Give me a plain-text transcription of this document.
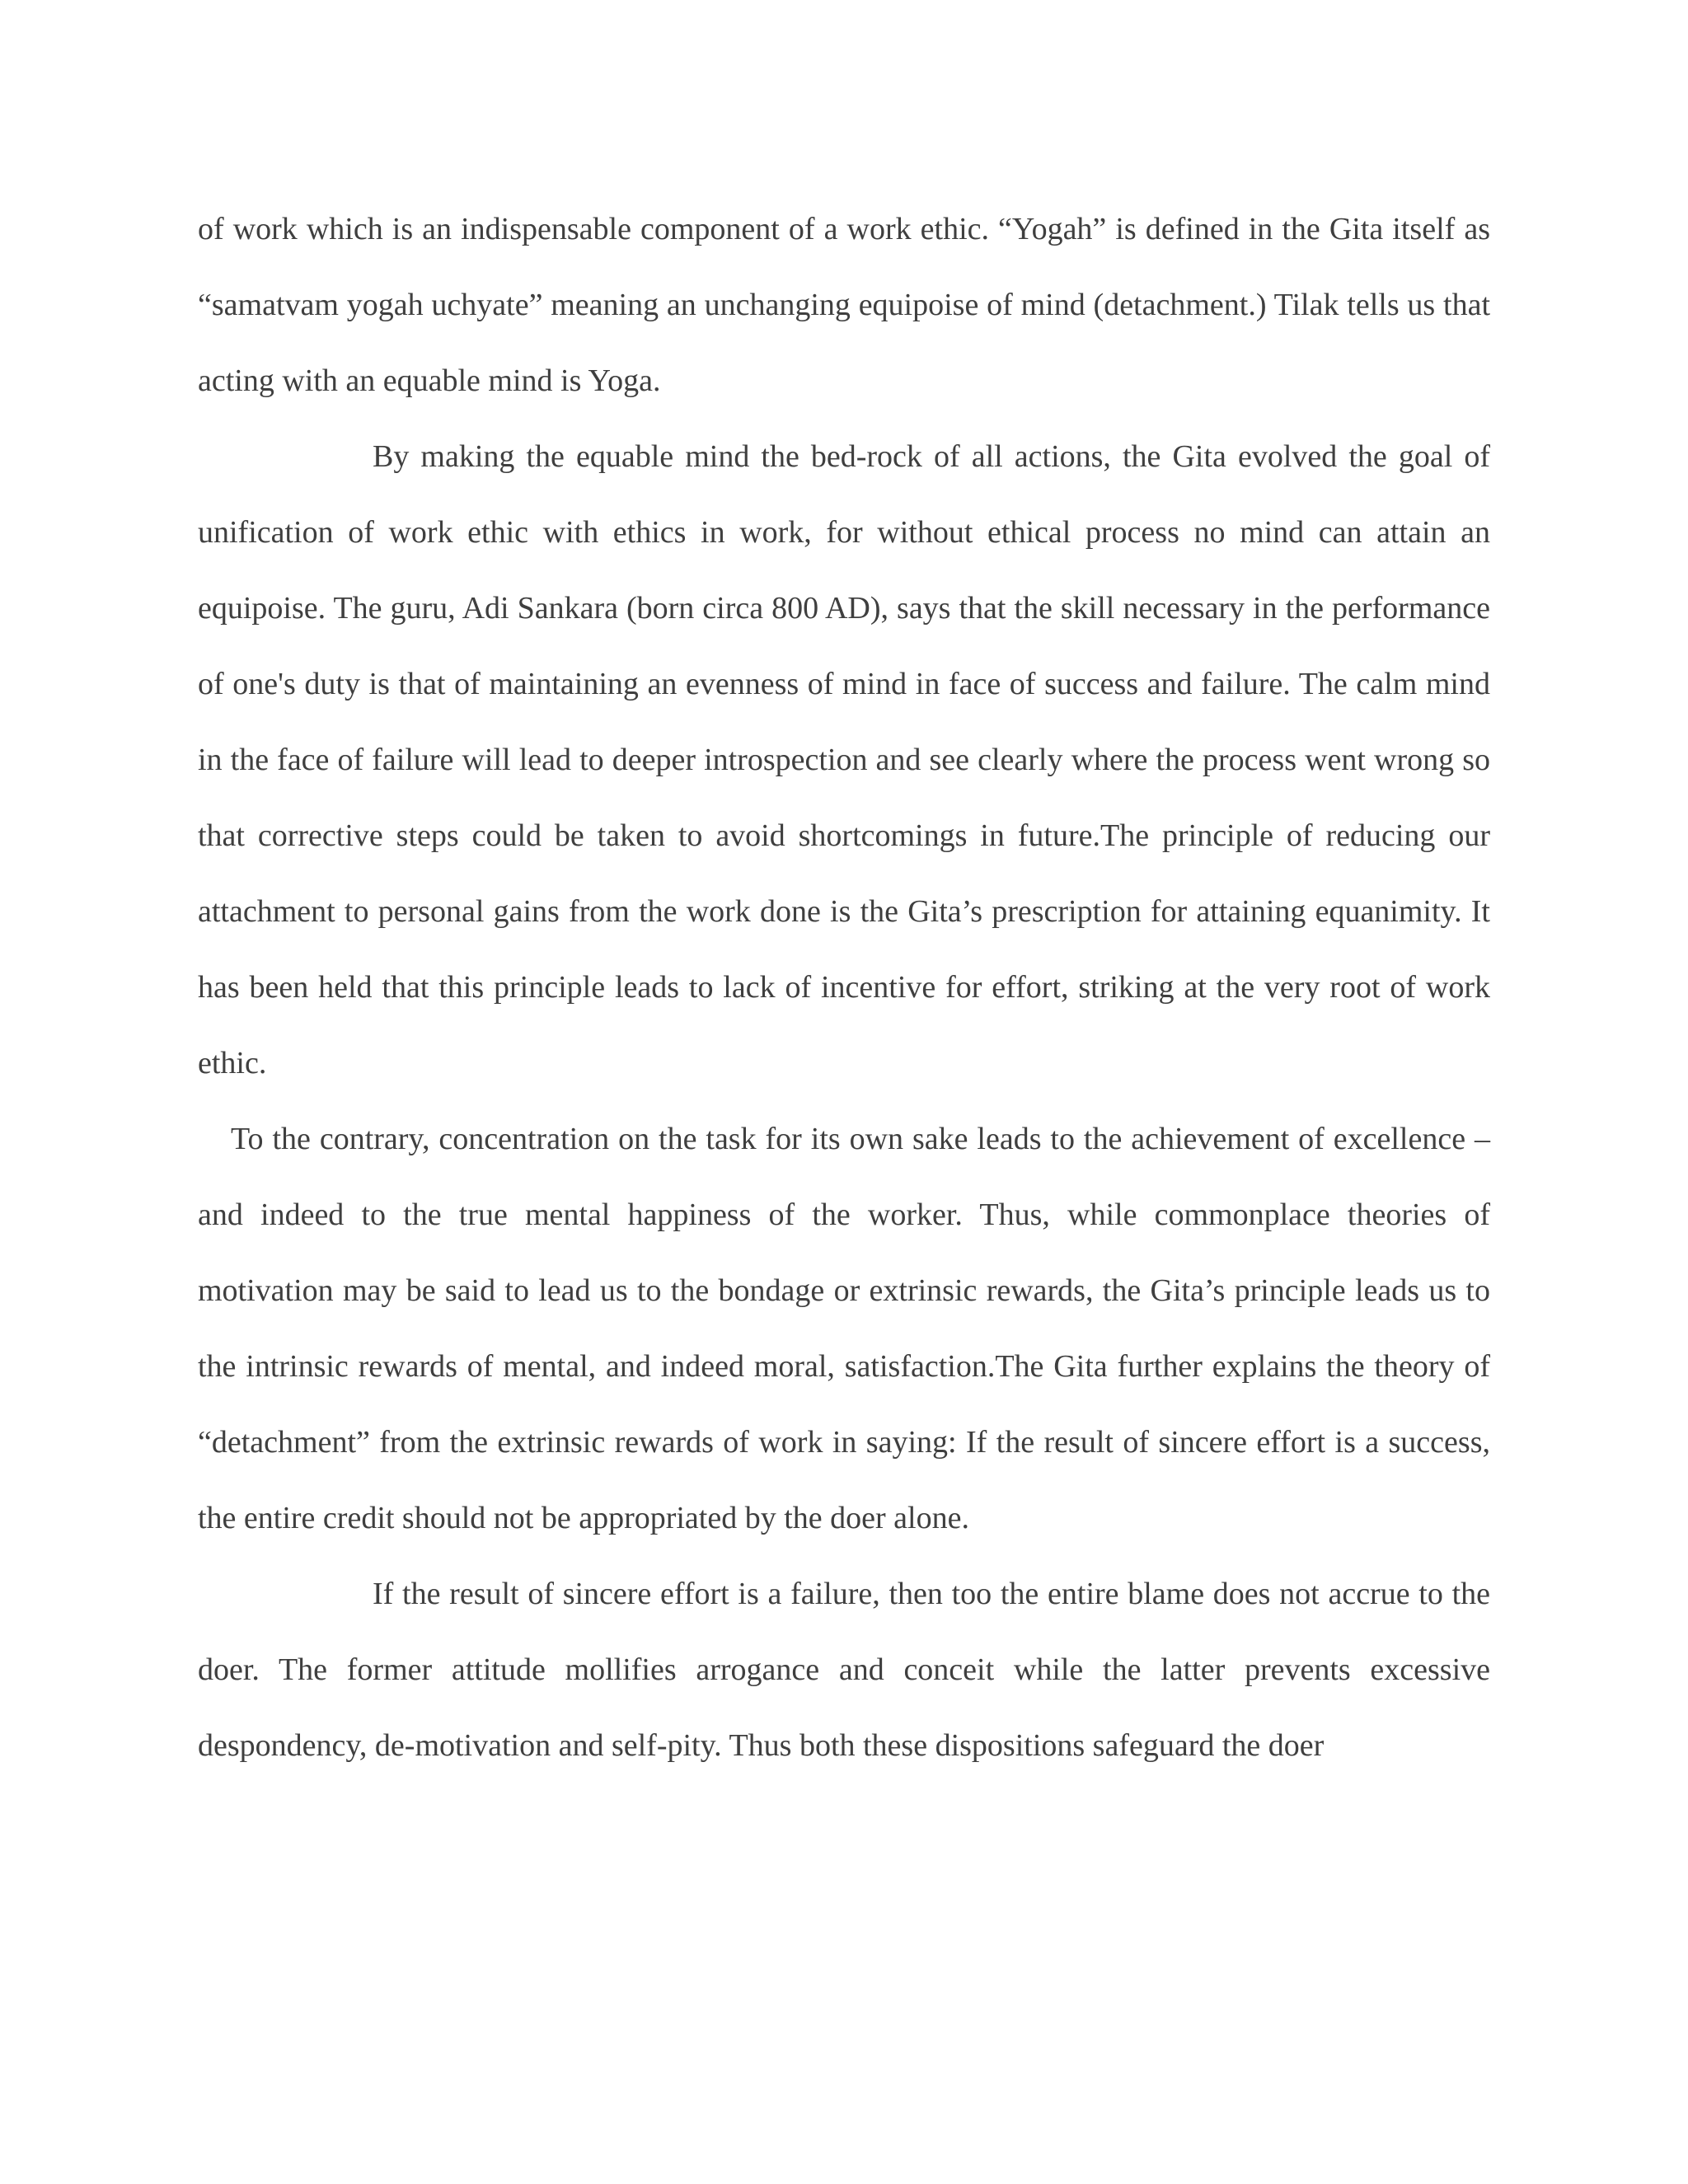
of work which is an indispensable component of a work ethic. “Yogah” is defined in the Gita itself as “samatvam yogah uchyate” meaning an unchanging equipoise of mind (detachment.) Tilak tells us that acting with an equable mind is Yoga.

By making the equable mind the bed-rock of all actions, the Gita evolved the goal of unification of work ethic with ethics in work, for without ethical process no mind can attain an equipoise. The guru, Adi Sankara (born circa 800 AD), says that the skill necessary in the performance of one's duty is that of maintaining an evenness of mind in face of success and failure. The calm mind in the face of failure will lead to deeper introspection and see clearly where the process went wrong so that corrective steps could be taken to avoid shortcomings in future.The principle of reducing our attachment to personal gains from the work done is the Gita’s prescription for attaining equanimity. It has been held that this principle leads to lack of incentive for effort, striking at the very root of work ethic.

To the contrary, concentration on the task for its own sake leads to the achievement of excellence – and indeed to the true mental happiness of the worker. Thus, while commonplace theories of motivation may be said to lead us to the bondage or extrinsic rewards, the Gita’s principle leads us to the intrinsic rewards of mental, and indeed moral, satisfaction.The Gita further explains the theory of “detachment” from the extrinsic rewards of work in saying: If the result of sincere effort is a success, the entire credit should not be appropriated by the doer alone.

If the result of sincere effort is a failure, then too the entire blame does not accrue to the doer. The former attitude mollifies arrogance and conceit while the latter prevents excessive despondency, de-motivation and self-pity. Thus both these dispositions safeguard the doer
